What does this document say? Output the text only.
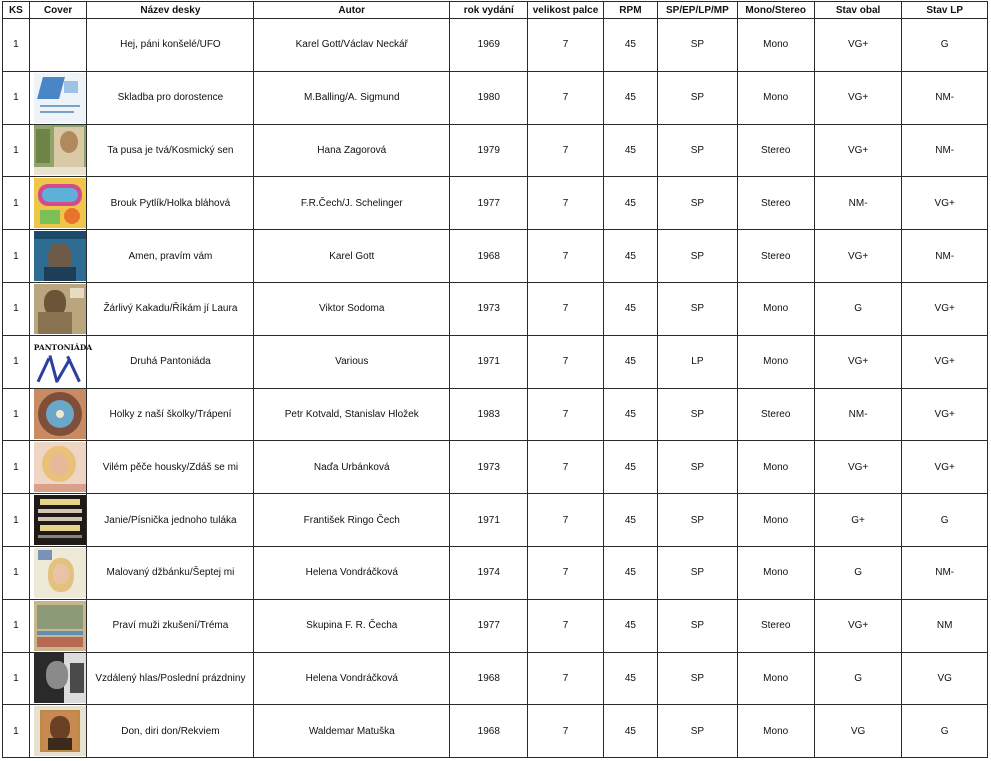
KS	Cover	Název desky	Autor	rok vydání	velikost palce	RPM	SP/EP/LP/MP	Mono/Stereo	Stav obal	Stav LP
1		Hej, páni konšelé/UFO	Karel Gott/Václav Neckář	1969	7	45	SP	Mono	VG+	G
1		Skladba pro dorostence	M.Balling/A. Sigmund	1980	7	45	SP	Mono	VG+	NM-
1		Ta pusa je tvá/Kosmický sen	Hana Zagorová	1979	7	45	SP	Stereo	VG+	NM-
1		Brouk Pytlík/Holka bláhová	F.R.Čech/J. Schelinger	1977	7	45	SP	Stereo	NM-	VG+
1		Amen, pravím vám	Karel Gott	1968	7	45	SP	Stereo	VG+	NM-
1		Žárlivý Kakadu/Říkám jí Laura	Viktor Sodoma	1973	7	45	SP	Mono	G	VG+
1	PANTONIÁDA	Druhá Pantoniáda	Various	1971	7	45	LP	Mono	VG+	VG+
1		Holky z naší školky/Trápení	Petr Kotvald, Stanislav Hložek	1983	7	45	SP	Stereo	NM-	VG+
1		Vilém pěče housky/Zdáš se mi	Naďa Urbánková	1973	7	45	SP	Mono	VG+	VG+
1		Janie/Písnička jednoho tuláka	František Ringo Čech	1971	7	45	SP	Mono	G+	G
1		Malovaný džbánku/Šeptej mi	Helena Vondráčková	1974	7	45	SP	Mono	G	NM-
1		Praví muži zkušení/Tréma	Skupina F. R. Čecha	1977	7	45	SP	Stereo	VG+	NM
1		Vzdálený hlas/Poslední prázdniny	Helena Vondráčková	1968	7	45	SP	Mono	G	VG
1		Don, diri don/Rekviem	Waldemar Matuška	1968	7	45	SP	Mono	VG	G
